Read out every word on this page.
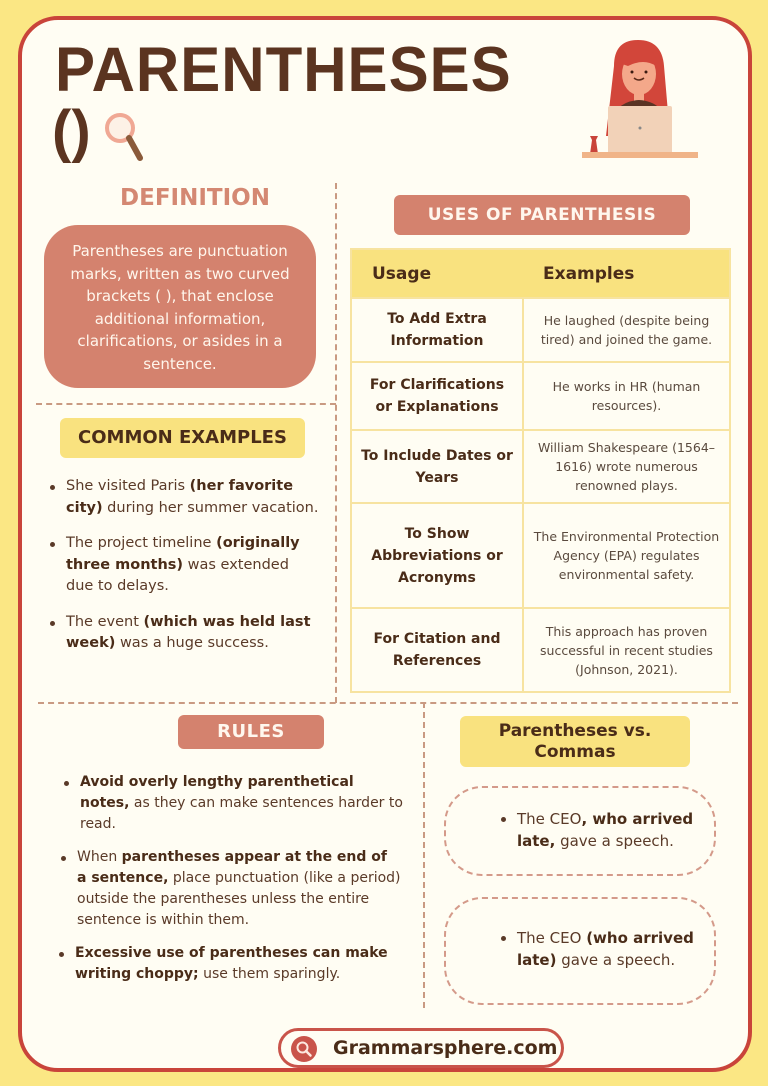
PARENTHESES
()
DEFINITION
Parentheses are punctuation marks, written as two curved brackets ( ), that enclose additional information, clarifications, or asides in a sentence.
COMMON EXAMPLES
She visited Paris (her favorite city) during her summer vacation.
The project timeline (originally three months) was extended due to delays.
The event (which was held last week) was a huge success.
USES OF PARENTHESIS
Usage	Examples
To Add Extra Information	He laughed (despite being tired) and joined the game.
For Clarifications or Explanations	He works in HR (human resources).
To Include Dates or Years	William Shakespeare (1564–1616) wrote numerous renowned plays.
To Show Abbreviations or Acronyms	The Environmental Protection Agency (EPA) regulates environmental safety.
For Citation and References	This approach has proven successful in recent studies (Johnson, 2021).
RULES
Avoid overly lengthy parenthetical notes, as they can make sentences harder to read.
When parentheses appear at the end of a sentence, place punctuation (like a period) outside the parentheses unless the entire sentence is within them.
Excessive use of parentheses can make writing choppy; use them sparingly.
Parentheses vs. Commas
The CEO, who arrived late, gave a speech.
The CEO (who arrived late) gave a speech.
Grammarsphere.com
